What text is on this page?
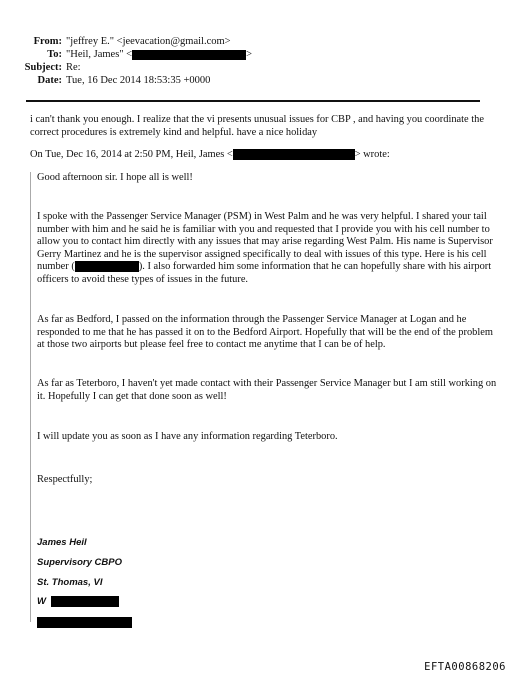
From: "jeffrey E." <jeevacation@gmail.com>
To: "Heil, James" <	>
Subject: Re:
Date: Tue, 16 Dec 2014 18:53:35 +0000
i can't thank you enough. I realize that the vi presents unusual issues for CBP , and having you coordinate the
correct procedures is extremely kind and helpful. have a nice holiday
On Tue, Dec 16, 2014 at 2:50 PM, Heil, James <	> wrote:
Good afternoon sir. I hope all is well!
I spoke with the Passenger Service Manager (PSM) in West Palm and he was very helpful. I shared your tail
number with him and he said he is familiar with you and requested that I provide you with his cell number to
allow you to contact him directly with any issues that may arise regarding West Palm. His name is Supervisor
Gerry Martinez and he is the supervisor assigned specifically to deal with issues of this type. Here is his cell
number (	). I also forwarded him some information that he can hopefully share with his airport
officers to avoid these types of issues in the future.
As far as Bedford, I passed on the information through the Passenger Service Manager at Logan and he
responded to me that he has passed it on to the Bedford Airport. Hopefully that will be the end of the problem
at those two airports but please feel free to contact me anytime that I can be of help.
As far as Teterboro, I haven't yet made contact with their Passenger Service Manager but I am still working on
it. Hopefully I can get that done soon as well!
I will update you as soon as I have any information regarding Teterboro.
Respectfully;
James Heil
Supervisory CBPO
St. Thomas, VI
W
EFTA00868206
